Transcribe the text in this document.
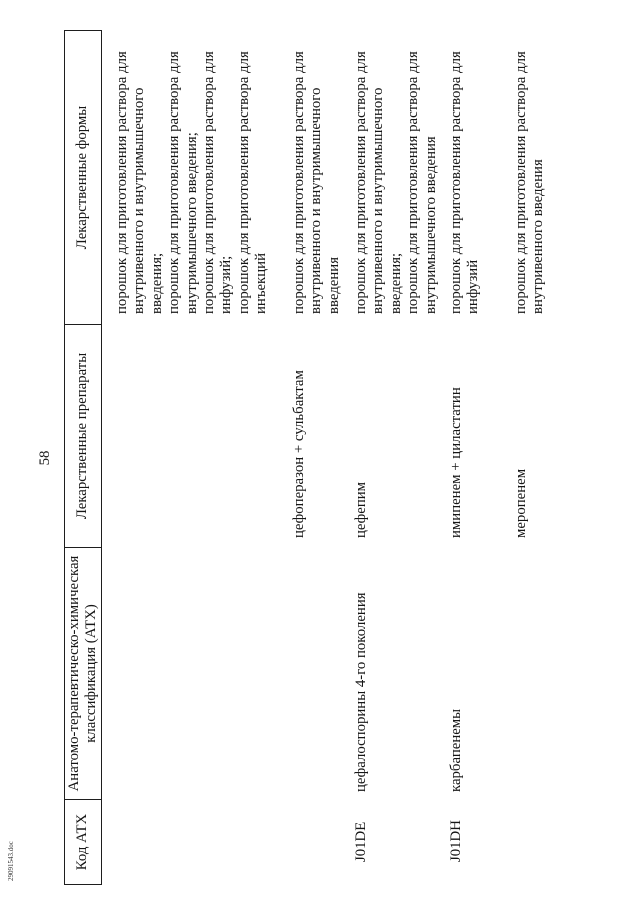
58
Код АТХ
Анатомо-терапевтическо-химическая классификация (АТХ)
Лекарственные препараты
Лекарственные формы порошок для приготовления раствора для внутривенного и внутримышечного введения; порошок для приготовления раствора для внутримышечного введения; порошок для приготовления раствора для инфузий; порошок для приготовления раствора для инъекций
цефоперазон + сульбактам
порошок для приготовления раствора для внутривенного и внутримышечного введения
J01DE
цефалоспорины 4-го поколения
цефепим
порошок для приготовления раствора для внутривенного и внутримышечного введения; порошок для приготовления раствора для внутримышечного введения
J01DH
карбапенемы
имипенем + циластатин
порошок для приготовления раствора для инфузий
меропенем
порошок для приготовления раствора для внутривенного введения
29091543.doc
